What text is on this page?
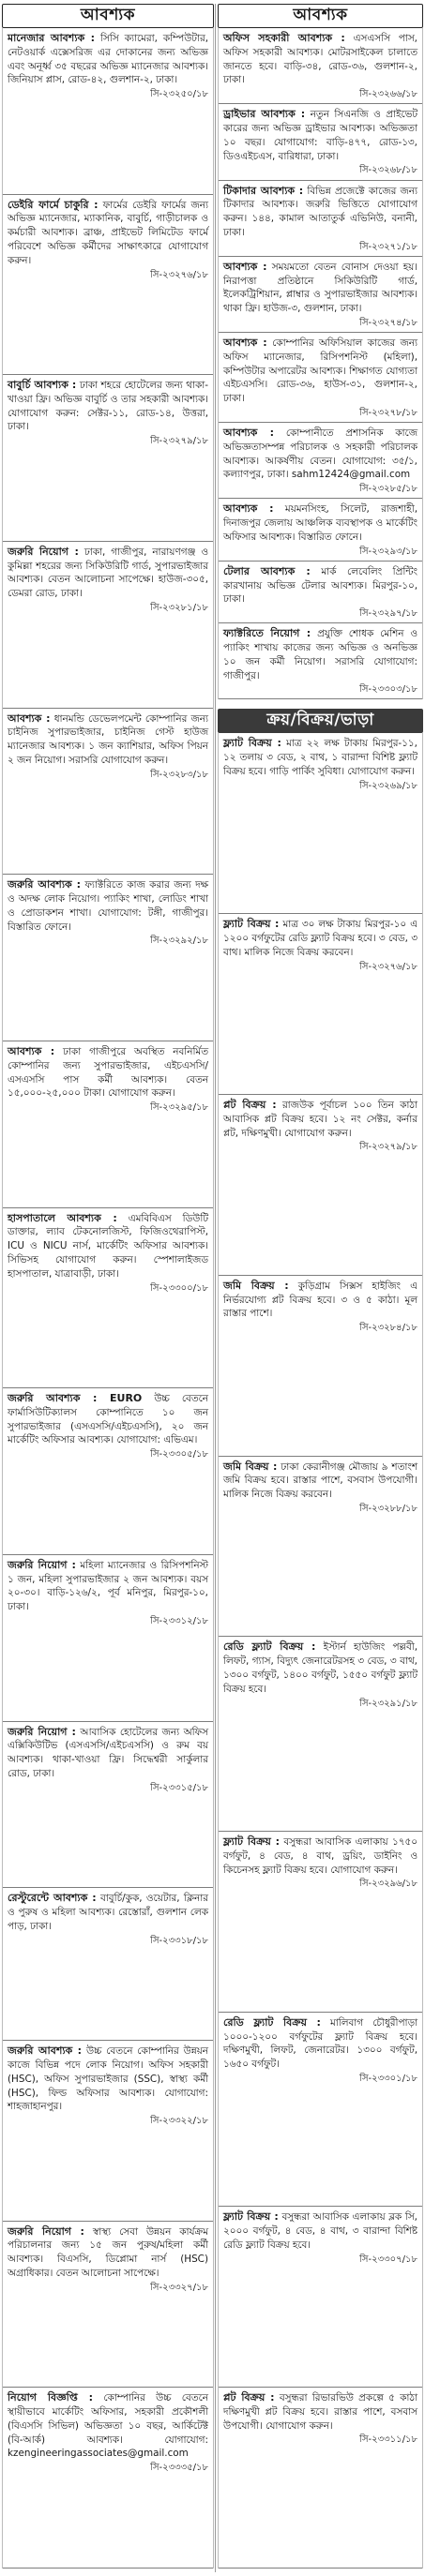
আবশ্যক
মানেজার আবশ্যক : সিসি ক্যামেরা, কম্পিউটার, নেটওয়ার্ক এক্সেসরিজ এর দোকানের জন্য অভিজ্ঞ এবং অনূর্ধ্ব ৩৫ বছরের অভিজ্ঞ ম্যানেজার আবশ্যক। জিনিয়াস প্লাস, রোড-৪২, গুলশান-২, ঢাকা।
সি-২৩২৫০/১৮
ডেইরি ফার্মে চাকুরি : ফার্মের ডেইরি ফার্মের জন্য অভিজ্ঞ ম্যানেজার, ম্যাকানিক, বাবুর্চি, গাড়ীচালক ও কর্মচারী আবশ্যক। ব্রাঞ্চ, প্রাইভেট লিমিটেড ফার্মে পরিবেশে অভিজ্ঞ কর্মীদের সাক্ষাৎকারে যোগাযোগ করুন।
সি-২৩২৭৬/১৮
বাবুর্চি আবশ্যক : ঢাকা শহরে হোটেলের জন্য থাকা-খাওয়া ফ্রি। অভিজ্ঞ বাবুর্চি ও তার সহকারী আবশ্যক। যোগাযোগ করুন: সেক্টর-১১, রোড-১৪, উত্তরা, ঢাকা।
সি-২৩২৭৯/১৮
জরুরি নিয়োগ : ঢাকা, গাজীপুর, নারায়ণগঞ্জ ও কুমিল্লা শহরের জন্য সিকিউরিটি গার্ড, সুপারভাইজার আবশ্যক। বেতন আলোচনা সাপেক্ষে। হাউজ-৩০৫, ডেমরা রোড, ঢাকা।
সি-২৩২৮১/১৮
আবশ্যক : ধানমন্ডি ডেভেলপমেন্ট কোম্পানির জন্য চাইনিজ সুপারভাইজার, চাইনিজ গেস্ট হাউজ ম্যানেজার আবশ্যক। ১ জন ক্যাশিয়ার, অফিস পিয়ন ২ জন নিয়োগ। সরাসরি যোগাযোগ করুন।
সি-২৩২৮৩/১৮
জরুরি আবশ্যক : ফ্যাক্টরিতে কাজ করার জন্য দক্ষ ও অদক্ষ লোক নিয়োগ। প্যাকিং শাখা, লোডিং শাখা ও প্রোডাকশন শাখা। যোগাযোগ: টঙ্গী, গাজীপুর। বিস্তারিত ফোনে।
সি-২৩২৯২/১৮
আবশ্যক : ঢাকা গাজীপুরে অবস্থিত নবনির্মিত কোম্পানির জন্য সুপারভাইজার, এইচএসসি/এসএসসি পাস কর্মী আবশ্যক। বেতন ১৫,০০০-২৫,০০০ টাকা। যোগাযোগ করুন।
সি-২৩২৯৫/১৮
হাসপাতালে আবশ্যক : এমবিবিএস ডিউটি ডাক্তার, ল্যাব টেকনোলজিস্ট, ফিজিওথেরাপিস্ট, ICU ও NICU নার্স, মার্কেটিং অফিসার আবশ্যক। সিভিসহ যোগাযোগ করুন। স্পেশালাইজড হাসপাতাল, যাত্রাবাড়ী, ঢাকা।
সি-২৩৩০০/১৮
জরুরি আবশ্যক : EURO উচ্চ বেতনে ফার্মাসিউটিক্যালস কোম্পানিতে ১০ জন সুপারভাইজার (এসএসসি/এইচএসসি), ২০ জন মার্কেটিং অফিসার আবশ্যক। যোগাযোগ: এভিএম।
সি-২৩৩০৫/১৮
জরুরি নিয়োগ : মহিলা ম্যানেজার ও রিসিপশনিস্ট ১ জন, মহিলা সুপারভাইজার ২ জন আবশ্যক। বয়স ২০-৩০। বাড়ি-১২৬/২, পূর্ব মনিপুর, মিরপুর-১০, ঢাকা।
সি-২৩৩১২/১৮
জরুরি নিয়োগ : আবাসিক হোটেলের জন্য অফিস এক্সিকিউটিভ (এসএসসি/এইচএসসি) ও রুম বয় আবশ্যক। থাকা-খাওয়া ফ্রি। সিদ্ধেশ্বরী সার্কুলার রোড, ঢাকা।
সি-২৩৩১৫/১৮
রেস্টুরেন্টে আবশ্যক : বাবুর্চি/কুক, ওয়েটার, ক্লিনার ও পুরুষ ও মহিলা আবশ্যক। রেস্তোরাঁ, গুলশান লেক পাড়, ঢাকা।
সি-২৩৩১৮/১৮
জরুরি আবশ্যক : উচ্চ বেতনে কোম্পানির উন্নয়ন কাজে বিভিন্ন পদে লোক নিয়োগ। অফিস সহকারী (HSC), অফিস সুপারভাইজার (SSC), স্বাস্থ্য কর্মী (HSC), ফিল্ড অফিসার আবশ্যক। যোগাযোগ: শাহজাহানপুর।
সি-২৩৩২২/১৮
জরুরি নিয়োগ : স্বাস্থ্য সেবা উন্নয়ন কার্যক্রম পরিচালনার জন্য ১৫ জন পুরুষ/মহিলা কর্মী আবশ্যক। বিএসসি, ডিপ্লোমা নার্স (HSC) অগ্রাধিকার। বেতন আলোচনা সাপেক্ষে।
সি-২৩৩২৭/১৮
নিয়োগ বিজ্ঞপ্তি : কোম্পানির উচ্চ বেতনে স্থায়ীভাবে মার্কেটিং অফিসার, সহকারী প্রকৌশলী (বিএসসি সিভিল) অভিজ্ঞতা ১০ বছর, আর্কিটেক্ট (বি-আর্ক) আবশ্যক। যোগাযোগ: kzengineeringassociates@gmail.com
সি-২৩৩৩৫/১৮
আবশ্যক
অফিস সহকারী আবশ্যক : এসএসসি পাস, অফিস সহকারী আবশ্যক। মোটরসাইকেল চালাতে জানতে হবে। বাড়ি-৩৪, রোড-৩৬, গুলশান-২, ঢাকা।
সি-২৩২৬৬/১৮
ড্রাইভার আবশ্যক : নতুন সিএনজি ও প্রাইভেট কারের জন্য অভিজ্ঞ ড্রাইভার আবশ্যক। অভিজ্ঞতা ১০ বছর। যোগাযোগ: বাড়ি-৪৭৭, রোড-১৩, ডিওএইচএস, বারিধারা, ঢাকা।
সি-২৩২৬৮/১৮
টিকাদার আবশ্যক : বিভিন্ন প্রজেক্টে কাজের জন্য টিকাদার আবশ্যক। জরুরি ভিত্তিতে যোগাযোগ করুন। ১৪৪, কামাল আতাতুর্ক এভিনিউ, বনানী, ঢাকা।
সি-২৩২৭১/১৮
আবশ্যক : সময়মতো বেতন বোনাস দেওয়া হয়। নিরাপত্তা প্রতিষ্ঠানে সিকিউরিটি গার্ড, ইলেকট্রিশিয়ান, প্লাম্বার ও সুপারভাইজার আবশ্যক। থাকা ফ্রি। হাউজ-৩, গুলশান, ঢাকা।
সি-২৩২৭৪/১৮
আবশ্যক : কোম্পানির অফিসিয়াল কাজের জন্য অফিস ম্যানেজার, রিসিপশনিস্ট (মহিলা), কম্পিউটার অপারেটর আবশ্যক। শিক্ষাগত যোগ্যতা এইচএসসি। রোড-৩৬, হাউস-৩১, গুলশান-২, ঢাকা।
সি-২৩২৭৮/১৮
আবশ্যক : কোম্পানীতে প্রশাসনিক কাজে অভিজ্ঞতাসম্পন্ন পরিচালক ও সহকারী পরিচালক আবশ্যক। আকর্ষণীয় বেতন। যোগাযোগ: ৩৫/১, কল্যাণপুর, ঢাকা। sahm12424@gmail.com
সি-২৩২৮৫/১৮
আবশ্যক : ময়মনসিংহ, সিলেট, রাজশাহী, দিনাজপুর জেলায় আঞ্চলিক ব্যবস্থাপক ও মার্কেটিং অফিসার আবশ্যক। বিস্তারিত ফোনে।
সি-২৩২৯৩/১৮
টেলার আবশ্যক : মার্ক লেবেলিং প্রিন্টিং কারখানায় অভিজ্ঞ টেলার আবশ্যক। মিরপুর-১০, ঢাকা।
সি-২৩২৯৭/১৮
ফ্যাক্টরিতে নিয়োগ : প্রযুক্তি শোধক মেশিন ও প্যাকিং শাখায় কাজের জন্য অভিজ্ঞ ও অনভিজ্ঞ ১০ জন কর্মী নিয়োগ। সরাসরি যোগাযোগ: গাজীপুর।
সি-২৩৩০৩/১৮
ক্রয়/বিক্রয়/ভাড়া
ফ্ল্যাট বিক্রয় : মাত্র ২২ লক্ষ টাকায় মিরপুর-১১, ১২ তলায় ৩ বেড, ২ বাথ, ১ বারান্দা বিশিষ্ট ফ্ল্যাট বিক্রয় হবে। গাড়ি পার্কিং সুবিধা। যোগাযোগ করুন।
সি-২৩২৬৯/১৮
ফ্ল্যাট বিক্রয় : মাত্র ৩০ লক্ষ টাকায় মিরপুর-১০ এ ১২০০ বর্গফুটের রেডি ফ্ল্যাট বিক্রয় হবে। ৩ বেড, ৩ বাথ। মালিক নিজে বিক্রয় করবেন।
সি-২৩২৭৬/১৮
প্লট বিক্রয় : রাজউক পূর্বাচল ১০০ তিন কাঠা আবাসিক প্লট বিক্রয় হবে। ১২ নং সেক্টর, কর্নার প্লট, দক্ষিণমুখী। যোগাযোগ করুন।
সি-২৩২৭৯/১৮
জমি বিক্রয় : কুড়িগ্রাম সিক্সস হাইজিং এ নির্ভরযোগ্য প্লট বিক্রয় হবে। ৩ ও ৫ কাঠা। মূল রাস্তার পাশে।
সি-২৩২৮৪/১৮
জমি বিক্রয় : ঢাকা কেরানীগঞ্জ মৌজায় ৯ শতাংশ জমি বিক্রয় হবে। রাস্তার পাশে, বসবাস উপযোগী। মালিক নিজে বিক্রয় করবেন।
সি-২৩২৮৮/১৮
রেডি ফ্ল্যাট বিক্রয় : ইস্টার্ন হাউজিং পল্লবী, লিফট, গ্যাস, বিদ্যুৎ জেনারেটরসহ ৩ বেড, ৩ বাথ, ১৩০০ বর্গফুট, ১৪০০ বর্গফুট, ১৫৫০ বর্গফুট ফ্ল্যাট বিক্রয় হবে।
সি-২৩২৯১/১৮
ফ্ল্যাট বিক্রয় : বসুন্ধরা আবাসিক এলাকায় ১৭৫০ বর্গফুট, ৪ বেড, ৪ বাথ, ড্রয়িং, ডাইনিং ও কিচেনসহ ফ্ল্যাট বিক্রয় হবে। যোগাযোগ করুন।
সি-২৩২৯৬/১৮
রেডি ফ্ল্যাট বিক্রয় : মালিবাগ চৌধুরীপাড়া ১০০০-১২০০ বর্গফুটের ফ্ল্যাট বিক্রয় হবে। দক্ষিণমুখী, লিফট, জেনারেটর। ১৩০০ বর্গফুট, ১৬৫০ বর্গফুট।
সি-২৩৩০১/১৮
ফ্ল্যাট বিক্রয় : বসুন্ধরা আবাসিক এলাকায় ব্লক সি, ২০০০ বর্গফুট, ৪ বেড, ৪ বাথ, ৩ বারান্দা বিশিষ্ট রেডি ফ্ল্যাট বিক্রয় হবে।
সি-২৩৩০৭/১৮
প্লট বিক্রয় : বসুন্ধরা রিভারভিউ প্রকল্পে ৫ কাঠা দক্ষিণমুখী প্লট বিক্রয় হবে। রাস্তার পাশে, বসবাস উপযোগী। যোগাযোগ করুন।
সি-২৩৩১১/১৮
